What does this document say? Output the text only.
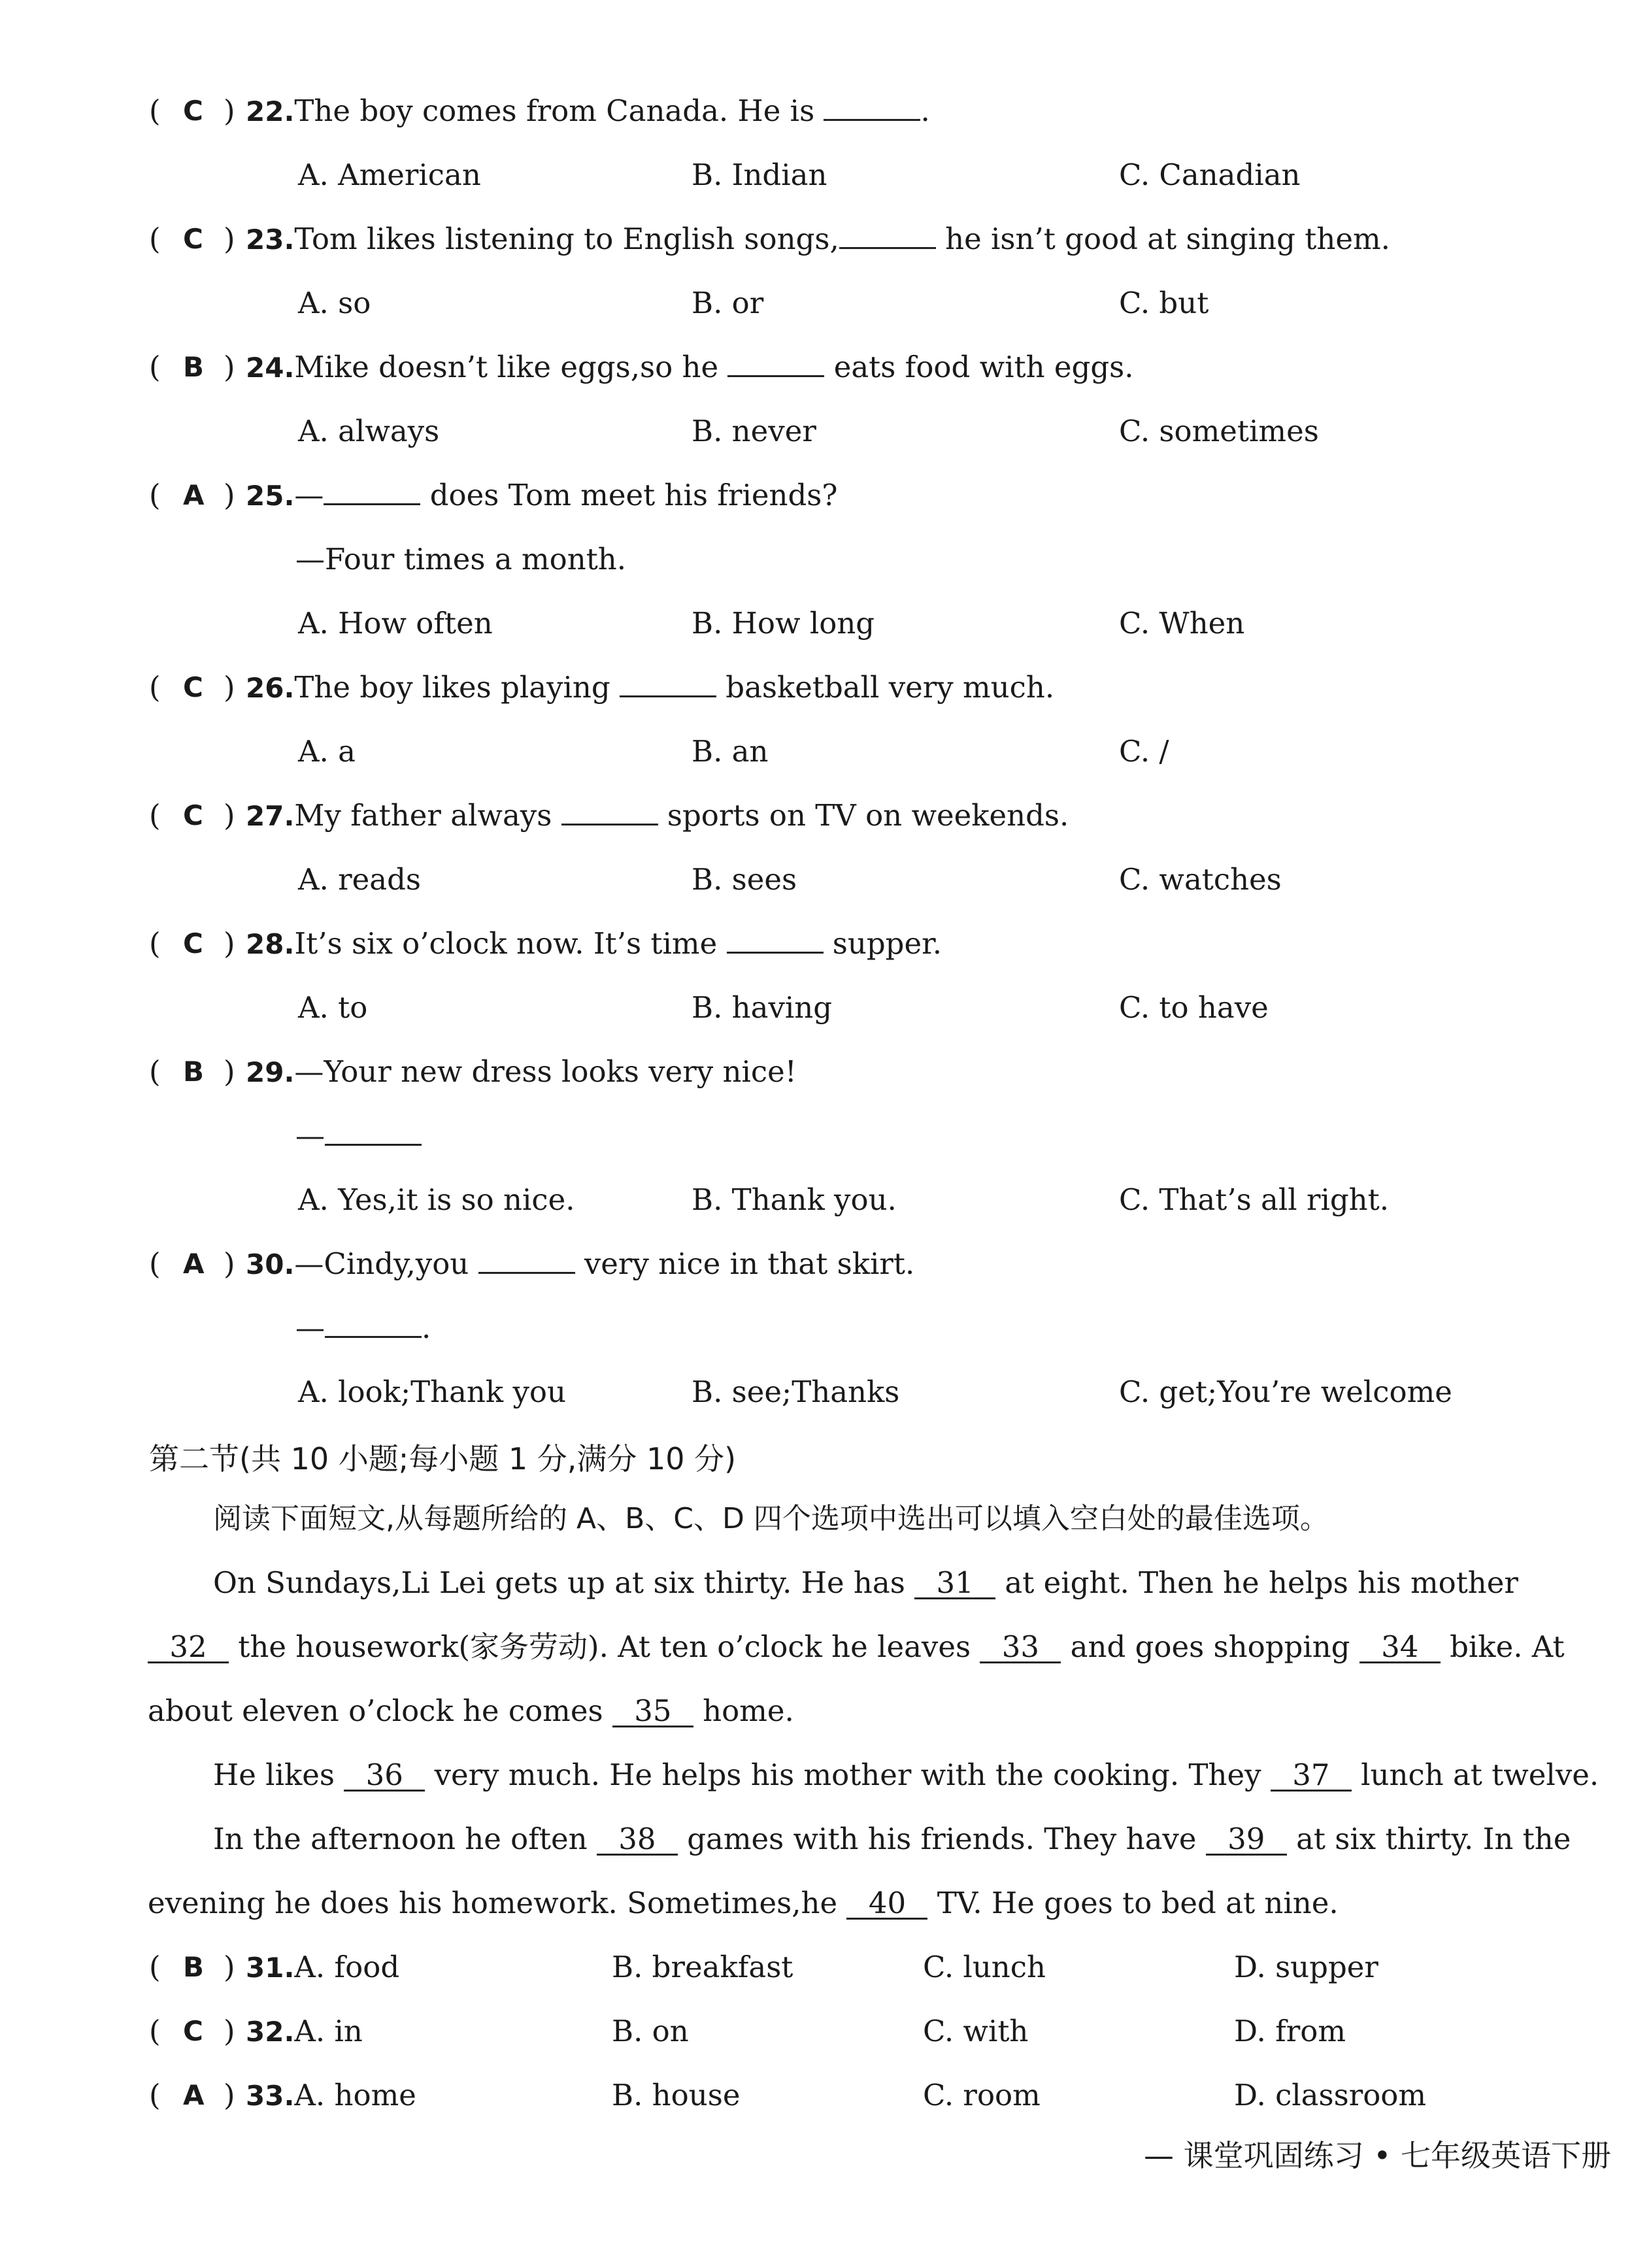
( C ) 22.The boy comes from Canada. He is	.
A. American	B. Indian	C. Canadian
( C ) 23.Tom likes listening to English songs,	he isn’t good at singing them.
A. so	B. or	C. but
( B ) 24.Mike doesn’t like eggs,so he	eats food with eggs.
A. always	B. never	C. sometimes
( A ) 25.—	does Tom meet his friends?
—Four times a month.
A. How often	B. How long	C. When
( C ) 26.The boy likes playing	basketball very much.
A. a	B. an	C. /
( C ) 27.My father always	sports on TV on weekends.
A. reads	B. sees	C. watches
( C ) 28.It’s six o’clock now. It’s time	supper.
A. to	B. having	C. to have
( B ) 29.—Your new dress looks very nice!
—
A. Yes,it is so nice.	B. Thank you.	C. That’s all right.
( A ) 30.—Cindy,you	very nice in that skirt.
—	.
A. look;Thank you	B. see;Thanks	C. get;You’re welcome
第二节(共 10 小题;每小题 1 分,满分 10 分)
阅读下面短文,从每题所给的 A、B、C、D 四个选项中选出可以填入空白处的最佳选项。
On Sundays,Li Lei gets up at six thirty. He has 31 at eight. Then he helps his mother
32 the housework(家务劳动). At ten o’clock he leaves 33 and goes shopping 34 bike. At
about eleven o’clock he comes 35 home.
He likes 36 very much. He helps his mother with the cooking. They 37 lunch at twelve.
In the afternoon he often 38 games with his friends. They have 39 at six thirty. In the
evening he does his homework. Sometimes,he 40 TV. He goes to bed at nine.
( B ) 31.A. food	B. breakfast	C. lunch	D. supper
( C ) 32.A. in	B. on	C. with	D. from
( A ) 33.A. home	B. house	C. room	D. classroom
— 课堂巩固练习 • 七年级英语下册
